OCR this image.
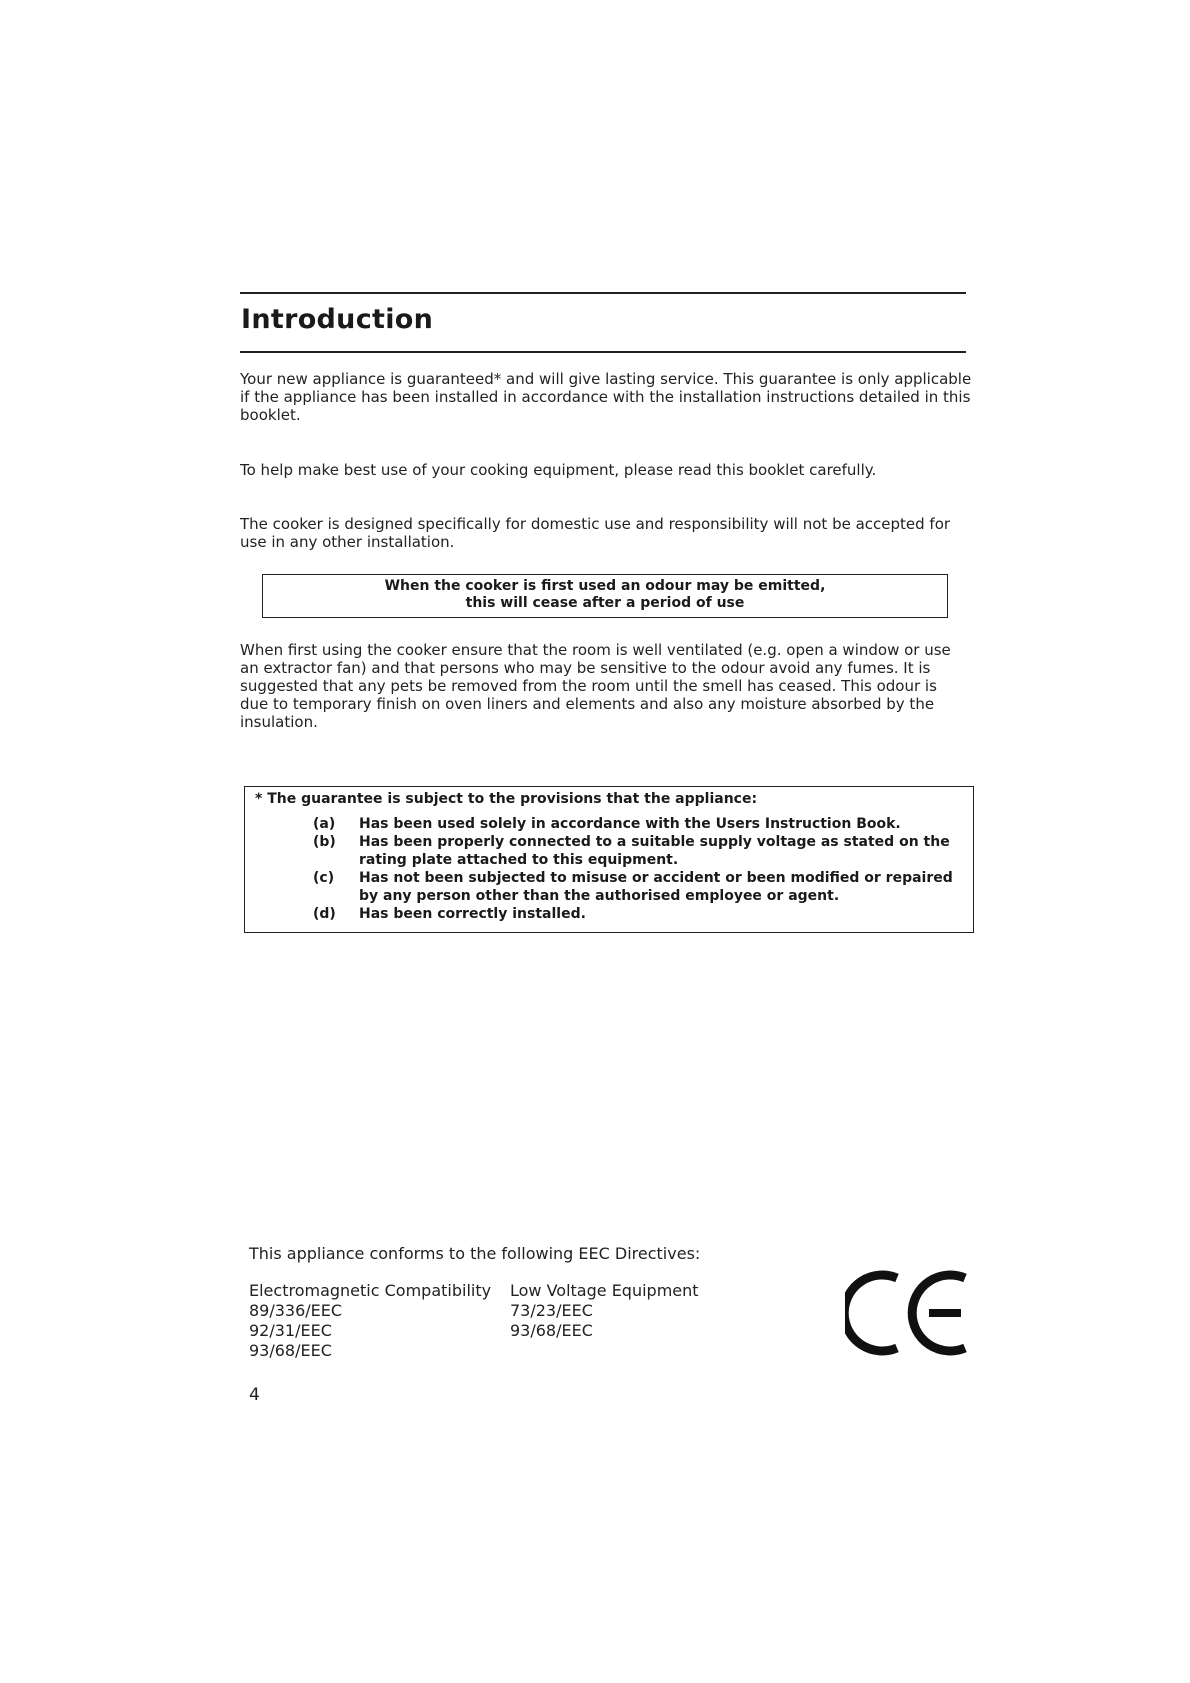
Introduction

Your new appliance is guaranteed* and will give lasting service. This guarantee is only applicable if the appliance has been installed in accordance with the installation instructions detailed in this booklet.

To help make best use of your cooking equipment, please read this booklet carefully.

The cooker is designed specifically for domestic use and responsibility will not be accepted for use in any other installation.

When the cooker is first used an odour may be emitted,
this will cease after a period of use

When first using the cooker ensure that the room is well ventilated (e.g. open a window or use an extractor fan) and that persons who may be sensitive to the odour avoid any fumes. It is suggested that any pets be removed from the room until the smell has ceased. This odour is due to temporary finish on oven liners and elements and also any moisture absorbed by the insulation.

* The guarantee is subject to the provisions that the appliance:

(a)	Has been used solely in accordance with the Users Instruction Book.

(b)	Has been properly connected to a suitable supply voltage as stated on the rating plate attached to this equipment.

(c)	Has not been subjected to misuse or accident or been modified or repaired by any person other than the authorised employee or agent.

(d)	Has been correctly installed.

This appliance conforms to the following EEC Directives:
Electromagnetic Compatibility
89/336/EEC
92/31/EEC
93/68/EEC
Low Voltage Equipment
73/23/EEC
93/68/EEC
4
